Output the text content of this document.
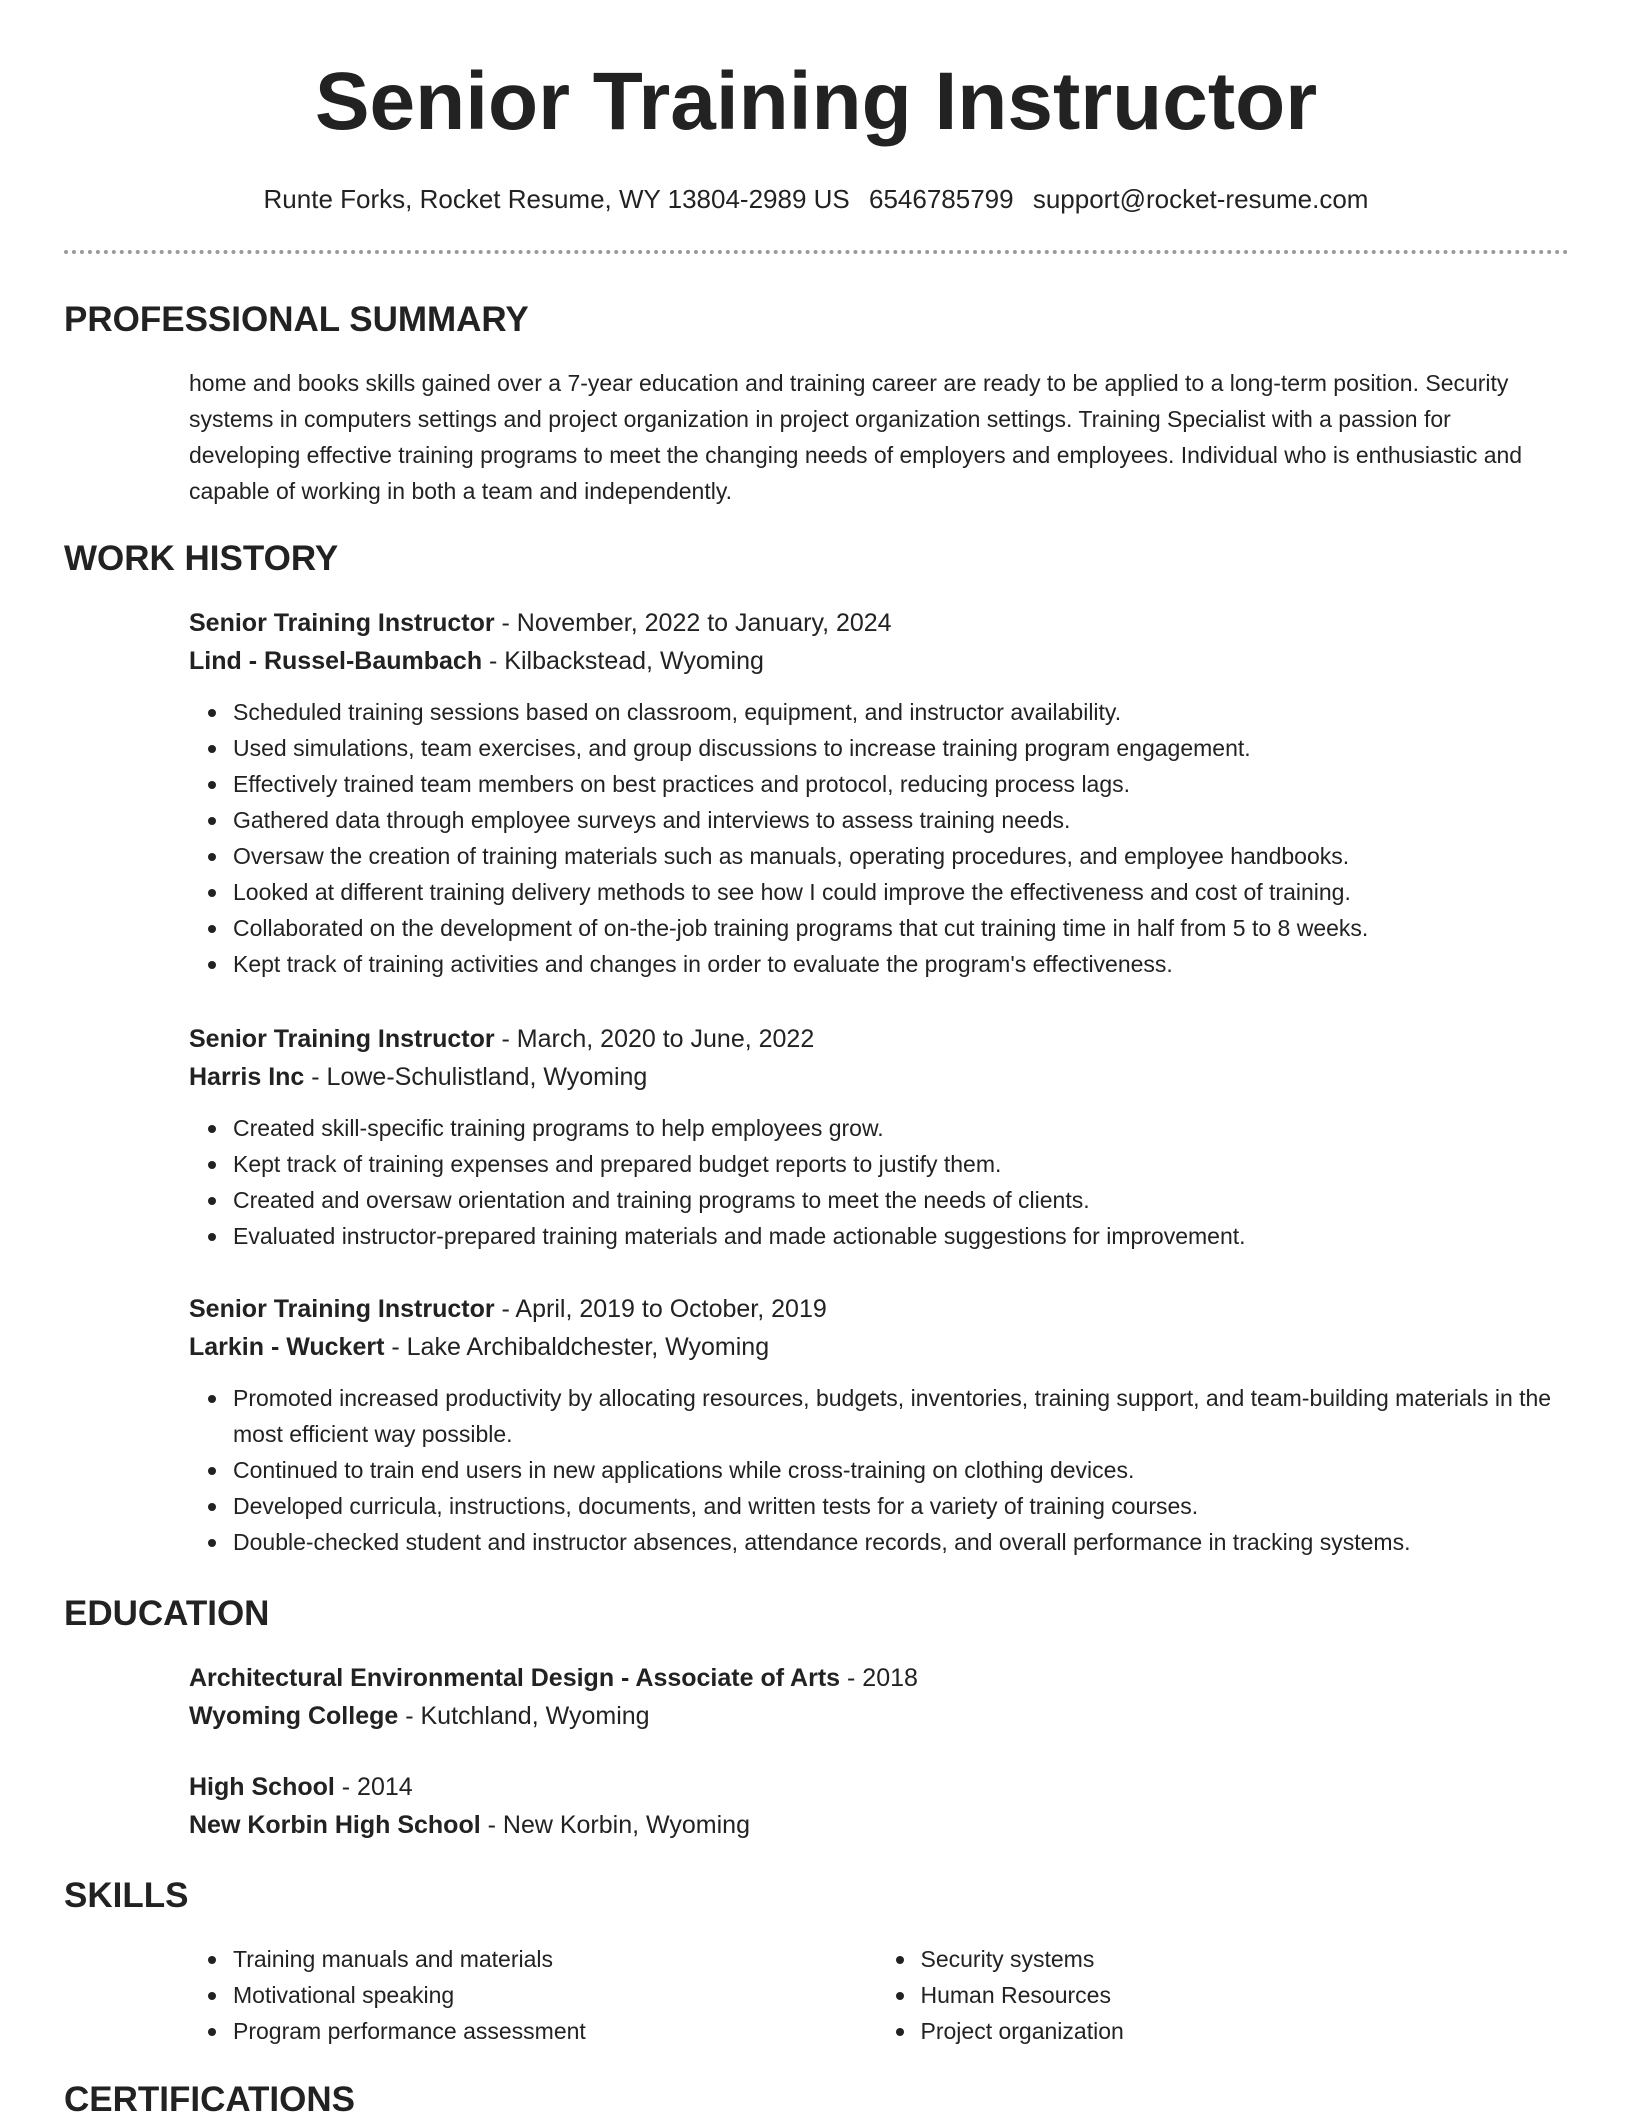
Senior Training Instructor
Runte Forks, Rocket Resume, WY 13804-2989 US 6546785799 support@rocket-resume.com
PROFESSIONAL SUMMARY

home and books skills gained over a 7-year education and training career are ready to be applied to a long-term position. Security systems in computers settings and project organization in project organization settings. Training Specialist with a passion for developing effective training programs to meet the changing needs of employers and employees. Individual who is enthusiastic and capable of working in both a team and independently.

WORK HISTORY

Senior Training Instructor - November, 2022 to January, 2024

Lind - Russel-Baumbach - Kilbackstead, Wyoming

Scheduled training sessions based on classroom, equipment, and instructor availability.
Used simulations, team exercises, and group discussions to increase training program engagement.
Effectively trained team members on best practices and protocol, reducing process lags.
Gathered data through employee surveys and interviews to assess training needs.
Oversaw the creation of training materials such as manuals, operating procedures, and employee handbooks.
Looked at different training delivery methods to see how I could improve the effectiveness and cost of training.
Collaborated on the development of on-the-job training programs that cut training time in half from 5 to 8 weeks.
Kept track of training activities and changes in order to evaluate the program's effectiveness.

Senior Training Instructor - March, 2020 to June, 2022

Harris Inc - Lowe-Schulistland, Wyoming

Created skill-specific training programs to help employees grow.
Kept track of training expenses and prepared budget reports to justify them.
Created and oversaw orientation and training programs to meet the needs of clients.
Evaluated instructor-prepared training materials and made actionable suggestions for improvement.

Senior Training Instructor - April, 2019 to October, 2019

Larkin - Wuckert - Lake Archibaldchester, Wyoming

Promoted increased productivity by allocating resources, budgets, inventories, training support, and team-building materials in the most efficient way possible.
Continued to train end users in new applications while cross-training on clothing devices.
Developed curricula, instructions, documents, and written tests for a variety of training courses.
Double-checked student and instructor absences, attendance records, and overall performance in tracking systems.
EDUCATION

Architectural Environmental Design - Associate of Arts - 2018

Wyoming College - Kutchland, Wyoming

High School - 2014

New Korbin High School - New Korbin, Wyoming

SKILLS
Training manuals and materials
Motivational speaking
Program performance assessment
Security systems
Human Resources
Project organization
CERTIFICATIONS
